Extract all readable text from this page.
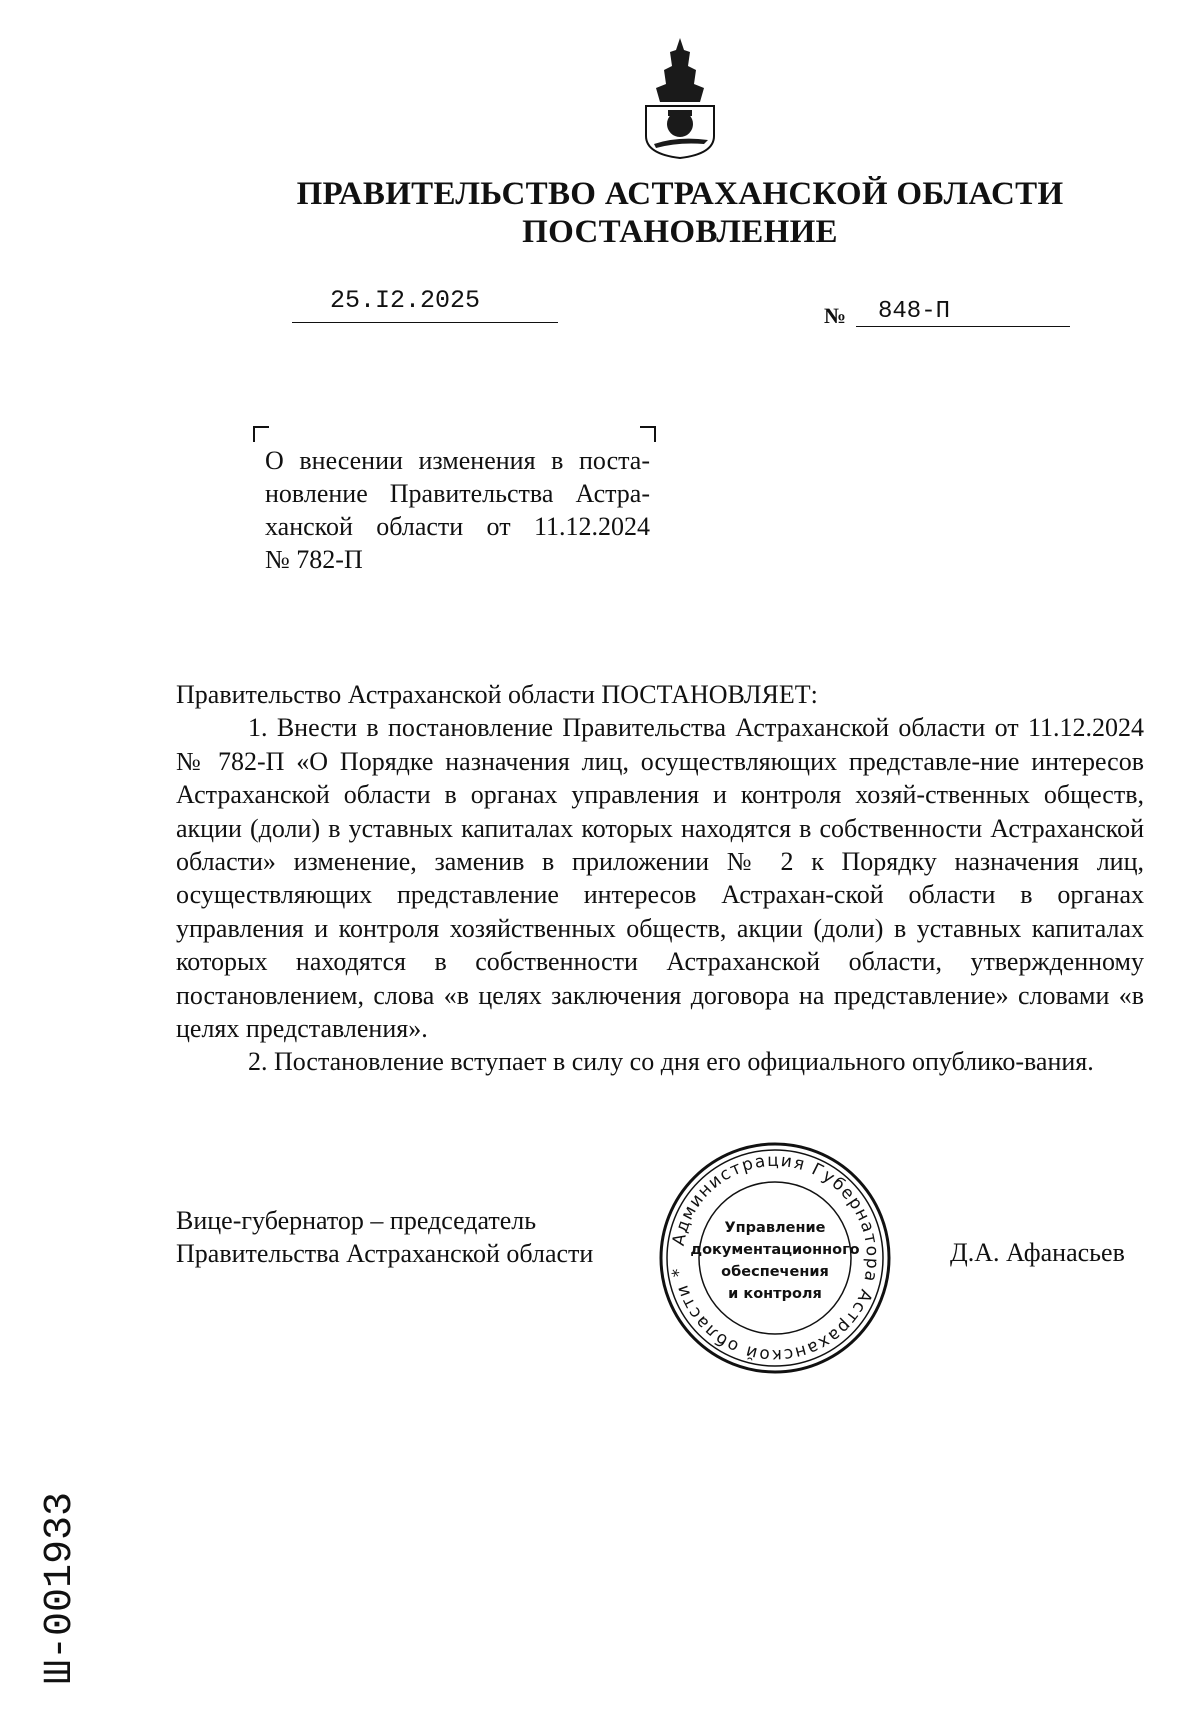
ПРАВИТЕЛЬСТВО АСТРАХАНСКОЙ ОБЛАСТИ
ПОСТАНОВЛЕНИЕ
25.I2.2025
№ 848-П
О внесении изменения в поста-
новление Правительства Астра-
ханской области от 11.12.2024
№ 782-П

Правительство Астраханской области ПОСТАНОВЛЯЕТ:

1. Внести в постановление Правительства Астраханской области от 11.12.2024 № 782-П «О Порядке назначения лиц, осуществляющих представле-ние интересов Астраханской области в органах управления и контроля хозяй-ственных обществ, акции (доли) в уставных капиталах которых находятся в собственности Астраханской области» изменение, заменив в приложении № 2 к Порядку назначения лиц, осуществляющих представление интересов Астрахан-ской области в органах управления и контроля хозяйственных обществ, акции (доли) в уставных капиталах которых находятся в собственности Астраханской области, утвержденному постановлением, слова «в целях заключения договора на представление» словами «в целях представления».

2. Постановление вступает в силу со дня его официального опублико-вания.

Вице-губернатор – председатель
Правительства Астраханской области	Д.А. Афанасьев
Администрация Губернатора Астраханской области *
Управление
документационного
обеспечения
и контроля
Ш-001933
